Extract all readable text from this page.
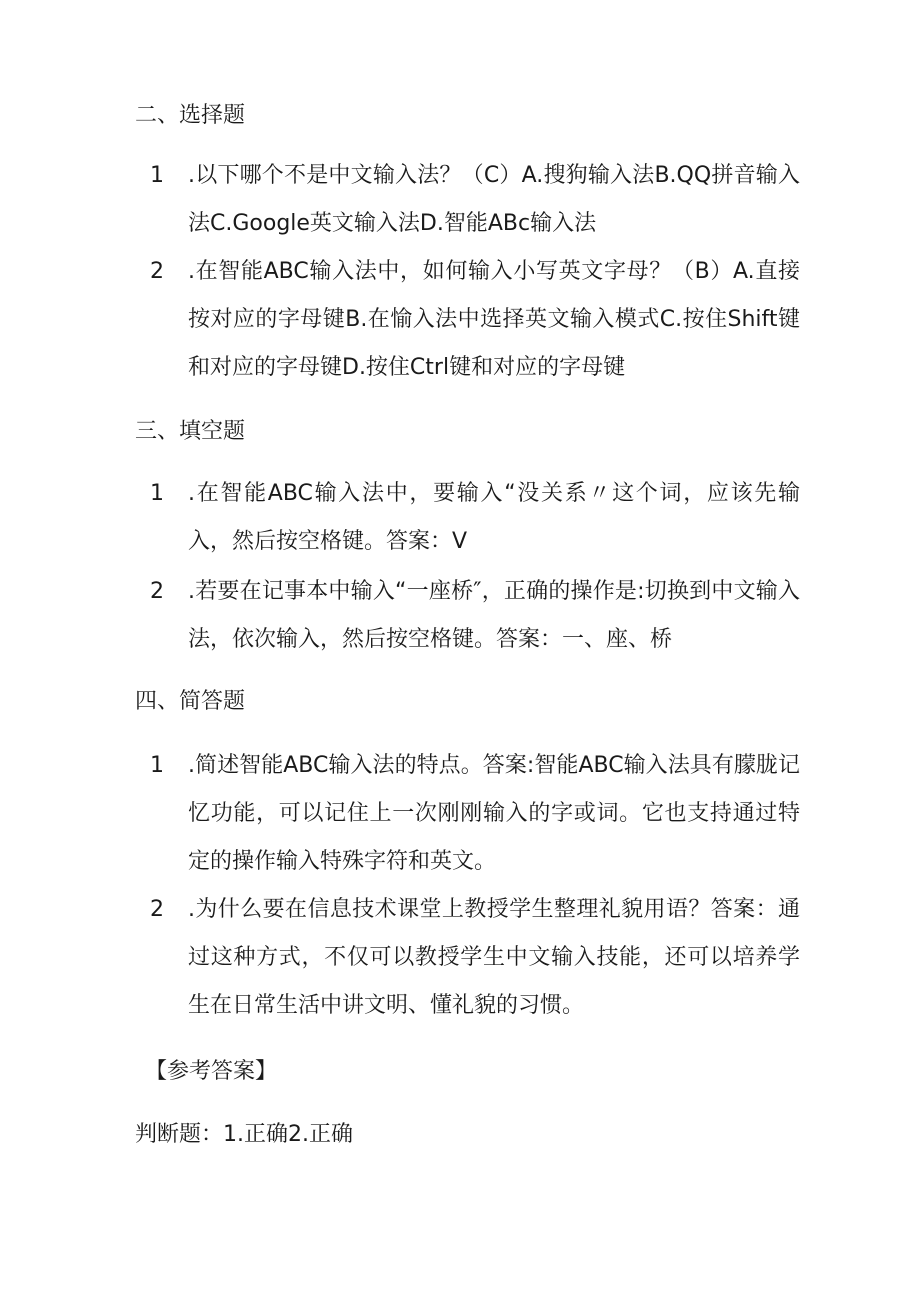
二、选择题
1	.以下哪个不是中文输入法？（C）A.搜狗输入法B.QQ拼音输入法C.Google英文输入法D.智能ABc输入法
2	.在智能ABC输入法中，如何输入小写英文字母？（B）A.直接按对应的字母键B.在愉入法中选择英文输入模式C.按住Shift键和对应的字母键D.按住Ctrl键和对应的字母键
三、填空题
1	.在智能ABC输入法中，要输入“没关系〃这个词，应该先输入，然后按空格键。答案：V
2	.若要在记事本中输入“一座桥″，正确的操作是:切换到中文输入法，依次输入，然后按空格键。答案：一、座、桥
四、简答题
1	.简述智能ABC输入法的特点。答案:智能ABC输入法具有朦胧记忆功能，可以记住上一次刚刚输入的字或词。它也支持通过特定的操作输入特殊字符和英文。
2	.为什么要在信息技术课堂上教授学生整理礼貌用语？答案：通过这种方式，不仅可以教授学生中文输入技能，还可以培养学生在日常生活中讲文明、懂礼貌的习惯。
【参考答案】
判断题：1.正确2.正确
